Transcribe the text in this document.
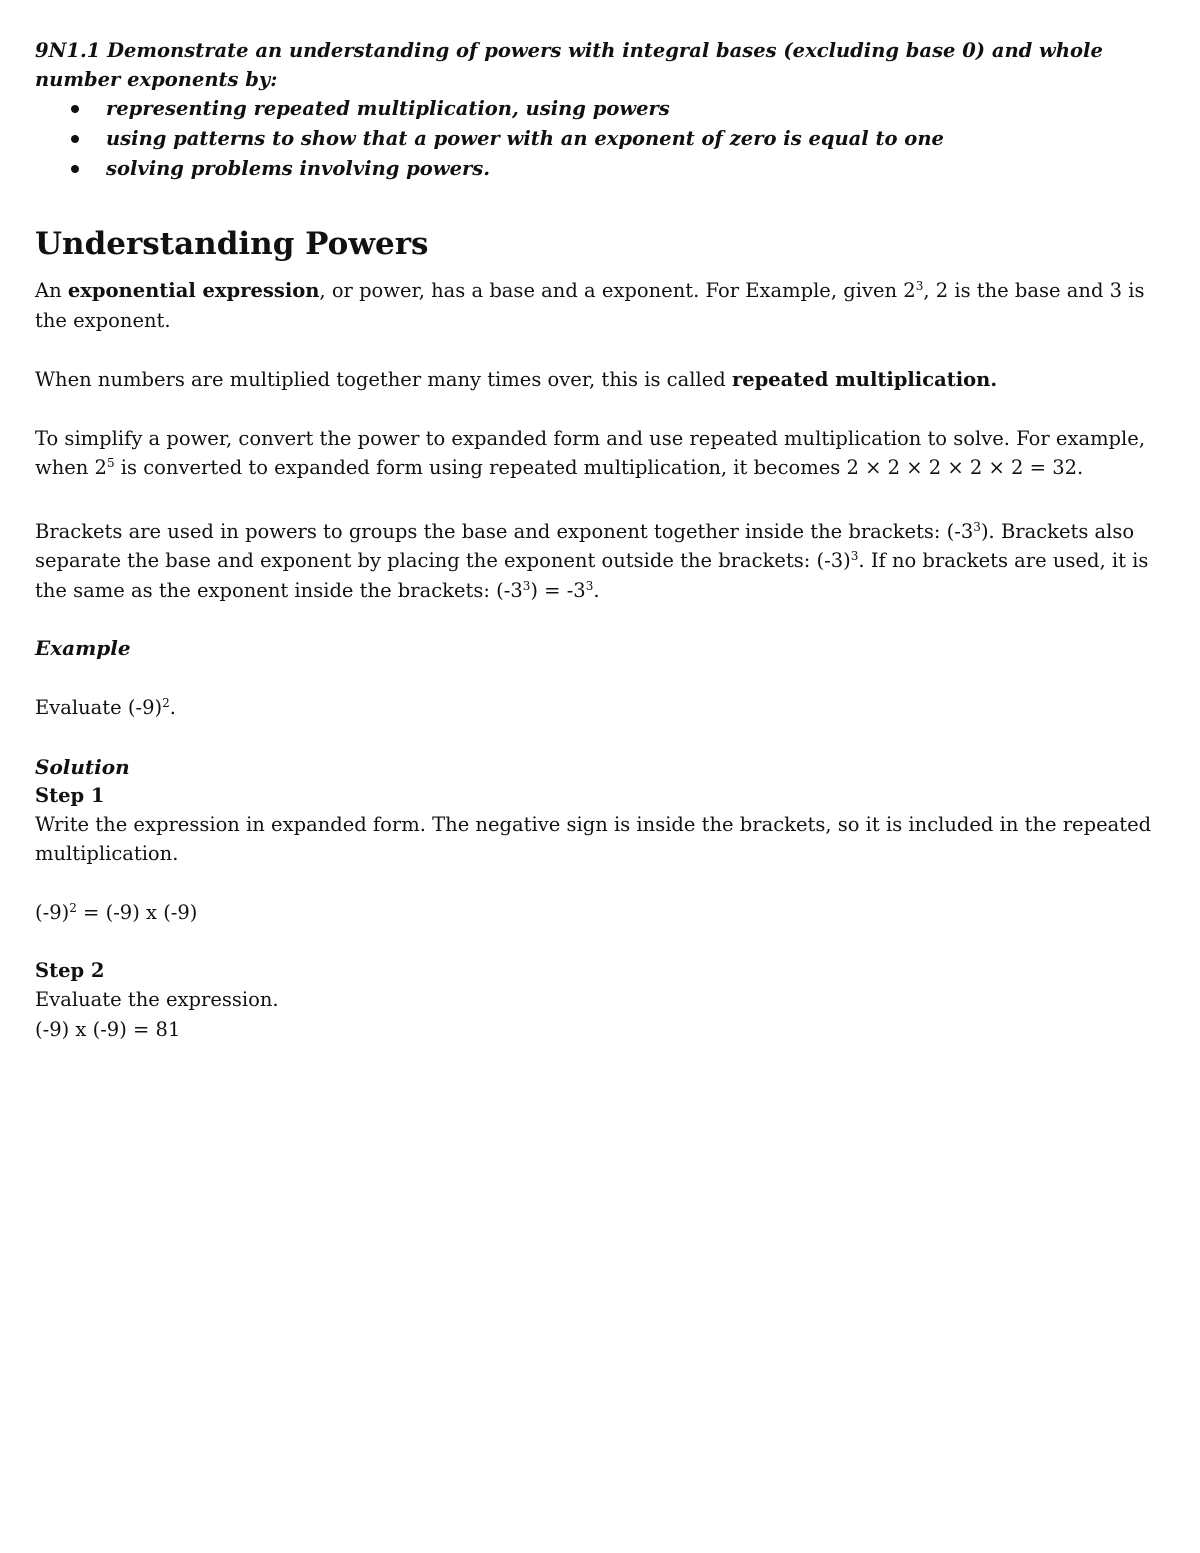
9N1.1 Demonstrate an understanding of powers with integral bases (excluding base 0) and whole number exponents by:

representing repeated multiplication, using powers
using patterns to show that a power with an exponent of zero is equal to one
solving problems involving powers.
Understanding Powers

An exponential expression, or power, has a base and a exponent. For Example, given $2^3$, 2 is the base and 3 is the exponent.

When numbers are multiplied together many times over, this is called repeated multiplication.

To simplify a power, convert the power to expanded form and use repeated multiplication to solve. For example, when $2^5$ is converted to expanded form using repeated multiplication, it becomes 2 × 2 × 2 × 2 × 2 = 32.

Brackets are used in powers to groups the base and exponent together inside the brackets: $(-3^3)$. Brackets also separate the base and exponent by placing the exponent outside the brackets: $(-3)^3$. If no brackets are used, it is the same as the exponent inside the brackets: $(-3^3) = -3^3$.

Example

Evaluate $(-9)^2$.

Solution

Step 1

Write the expression in expanded form. The negative sign is inside the brackets, so it is included in the repeated multiplication.

$(-9)^2 = (-9)$ x (-9)

Step 2

Evaluate the expression.

(-9) x (-9) = 81
